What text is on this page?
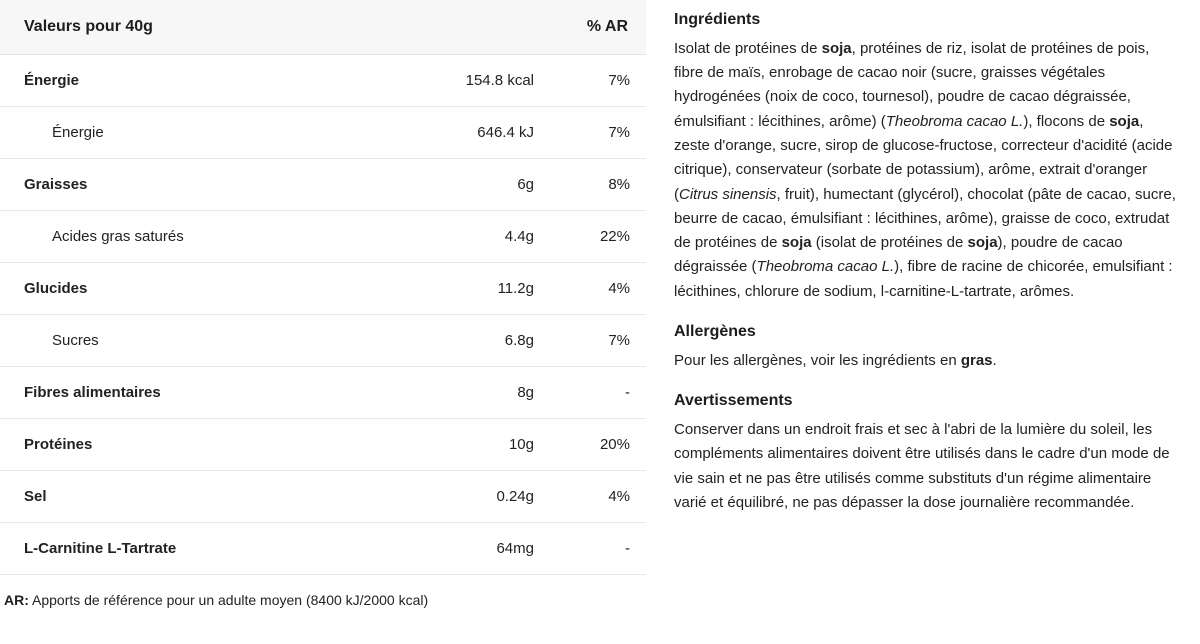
Valeurs pour 40g		% AR
Énergie	154.8 kcal	7%
Énergie	646.4 kJ	7%
Graisses	6g	8%
Acides gras saturés	4.4g	22%
Glucides	11.2g	4%
Sucres	6.8g	7%
Fibres alimentaires	8g	-
Protéines	10g	20%
Sel	0.24g	4%
L-Carnitine L-Tartrate	64mg	-
AR: Apports de référence pour un adulte moyen (8400 kJ/2000 kcal)
Ingrédients

Isolat de protéines de soja, protéines de riz, isolat de protéines de pois, fibre de maïs, enrobage de cacao noir (sucre, graisses végétales hydrogénées (noix de coco, tournesol), poudre de cacao dégraissée, émulsifiant : lécithines, arôme) (Theobroma cacao L.), flocons de soja, zeste d'orange, sucre, sirop de glucose-fructose, correcteur d'acidité (acide citrique), conservateur (sorbate de potassium), arôme, extrait d'oranger (Citrus sinensis, fruit), humectant (glycérol), chocolat (pâte de cacao, sucre, beurre de cacao, émulsifiant : lécithines, arôme), graisse de coco, extrudat de protéines de soja (isolat de protéines de soja), poudre de cacao dégraissée (Theobroma cacao L.), fibre de racine de chicorée, emulsifiant : lécithines, chlorure de sodium, l-carnitine-L-tartrate, arômes.

Allergènes

Pour les allergènes, voir les ingrédients en gras.

Avertissements

Conserver dans un endroit frais et sec à l'abri de la lumière du soleil, les compléments alimentaires doivent être utilisés dans le cadre d'un mode de vie sain et ne pas être utilisés comme substituts d'un régime alimentaire varié et équilibré, ne pas dépasser la dose journalière recommandée.
